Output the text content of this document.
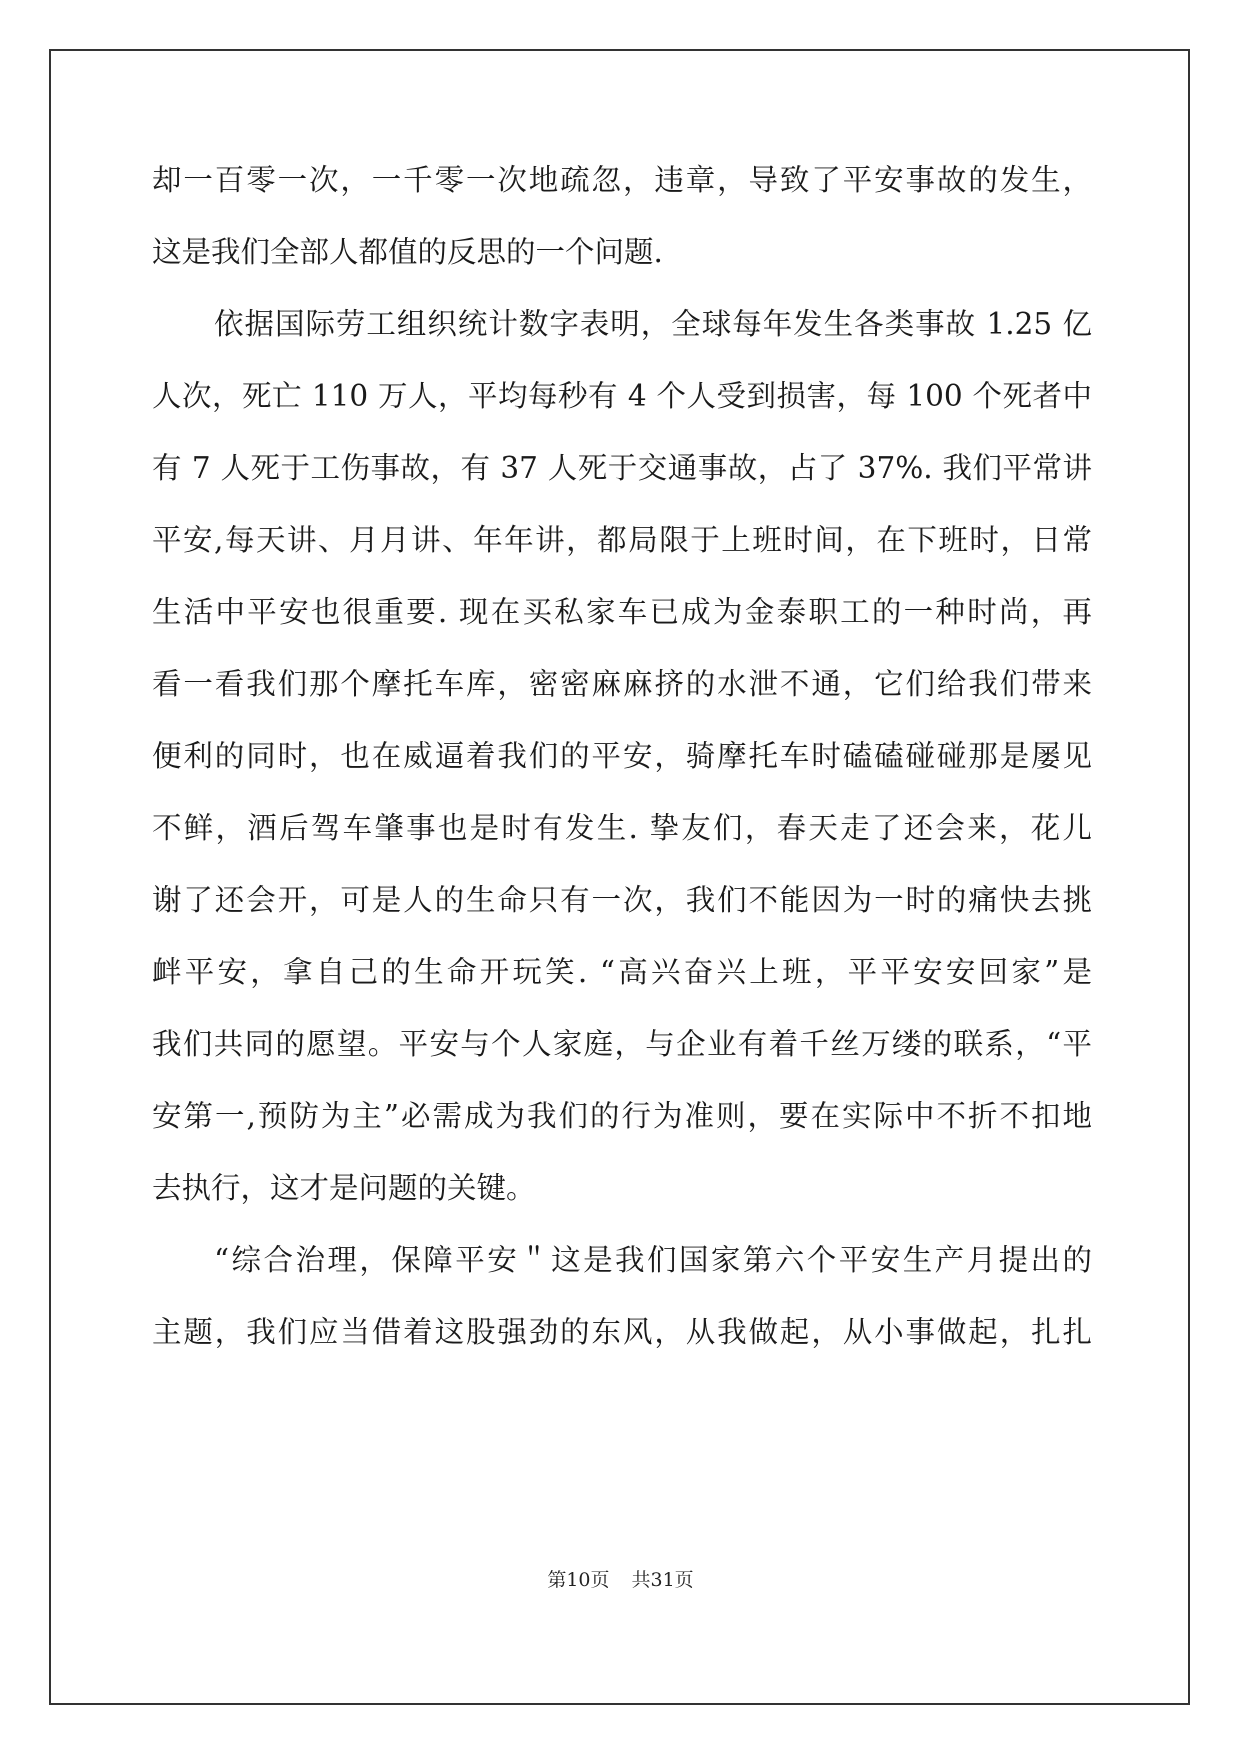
却一百零一次，一千零一次地疏忽，违章，导致了平安事故的发生，
这是我们全部人都值的反思的一个问题.
依据国际劳工组织统计数字表明，全球每年发生各类事故 1.25 亿
人次，死亡 110 万人，平均每秒有 4 个人受到损害，每 100 个死者中
有 7 人死于工伤事故，有 37 人死于交通事故，占了 37%. 我们平常讲
平安,每天讲、月月讲、年年讲，都局限于上班时间，在下班时，日常
生活中平安也很重要. 现在买私家车已成为金泰职工的一种时尚，再
看一看我们那个摩托车库，密密麻麻挤的水泄不通，它们给我们带来
便利的同时，也在威逼着我们的平安，骑摩托车时磕磕碰碰那是屡见
不鲜，酒后驾车肇事也是时有发生. 挚友们，春天走了还会来，花儿
谢了还会开，可是人的生命只有一次，我们不能因为一时的痛快去挑
衅平安，拿自己的生命开玩笑. “高兴奋兴上班，平平安安回家”是
我们共同的愿望。平安与个人家庭，与企业有着千丝万缕的联系，“平
安第一,预防为主”必需成为我们的行为准则，要在实际中不折不扣地
去执行，这才是问题的关键。
“综合治理，保障平安＂这是我们国家第六个平安生产月提出的
主题，我们应当借着这股强劲的东风，从我做起，从小事做起，扎扎
第10页 共31页
